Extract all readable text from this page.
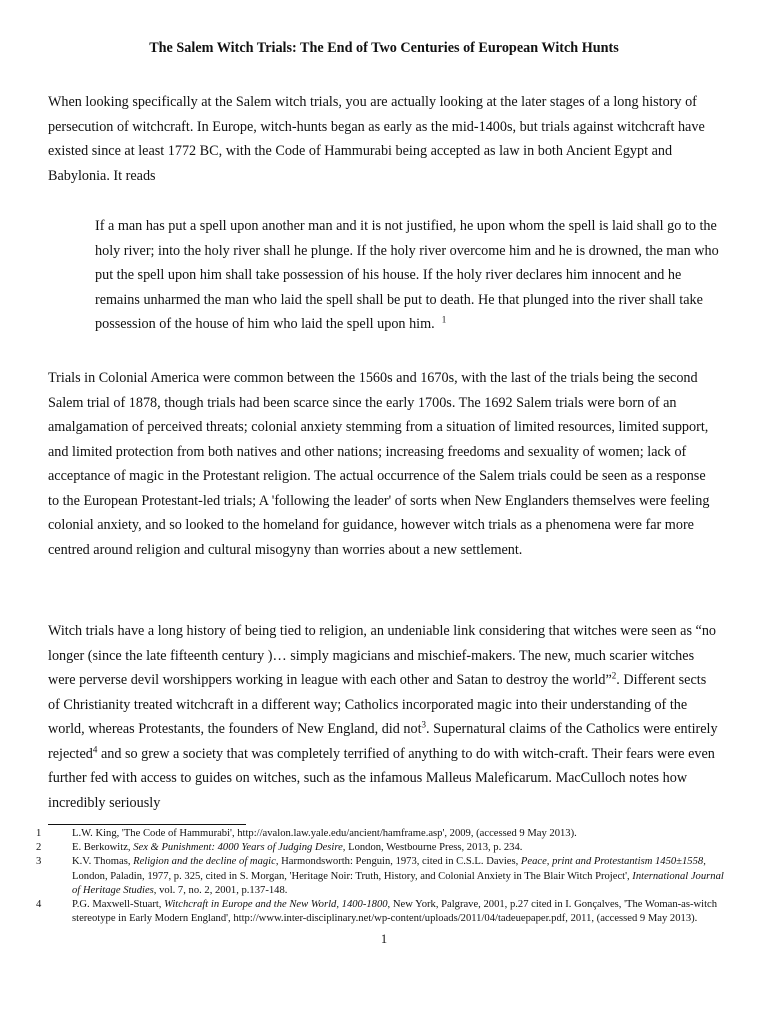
The Salem Witch Trials: The End of Two Centuries of European Witch Hunts

When looking specifically at the Salem witch trials, you are actually looking at the later stages of a long history of persecution of witchcraft. In Europe, witch-hunts began as early as the mid-1400s, but trials against witchcraft have existed since at least 1772 BC, with the Code of Hammurabi being accepted as law in both Ancient Egypt and Babylonia. It reads

If a man has put a spell upon another man and it is not justified, he upon whom the spell is laid shall go to the holy river; into the holy river shall he plunge. If the holy river overcome him and he is drowned, the man who put the spell upon him shall take possession of his house. If the holy river declares him innocent and he remains unharmed the man who laid the spell shall be put to death. He that plunged into the river shall take possession of the house of him who laid the spell upon him. $^1$

Trials in Colonial America were common between the 1560s and 1670s, with the last of the trials being the second Salem trial of 1878, though trials had been scarce since the early 1700s. The 1692 Salem trials were born of an amalgamation of perceived threats; colonial anxiety stemming from a situation of limited resources, limited support, and limited protection from both natives and other nations; increasing freedoms and sexuality of women; lack of acceptance of magic in the Protestant religion. The actual occurrence of the Salem trials could be seen as a response to the European Protestant-led trials; A 'following the leader' of sorts when New Englanders themselves were feeling colonial anxiety, and so looked to the homeland for guidance, however witch trials as a phenomena were far more centred around religion and cultural misogyny than worries about a new settlement.

Witch trials have a long history of being tied to religion, an undeniable link considering that witches were seen as “no longer (since the late fifteenth century )… simply magicians and mischief-makers. The new, much scarier witches were perverse devil worshippers working in league with each other and Satan to destroy the world”$^2$. Different sects of Christianity treated witchcraft in a different way; Catholics incorporated magic into their understanding of the world, whereas Protestants, the founders of New England, did not$^3$. Supernatural claims of the Catholics were entirely rejected$^4$ and so grew a society that was completely terrified of anything to do with witch-craft. Their fears were even further fed with access to guides on witches, such as the infamous Malleus Maleficarum. MacCulloch notes how incredibly seriously

1	L.W. King, 'The Code of Hammurabi', http://avalon.law.yale.edu/ancient/hamframe.asp', 2009, (accessed 9 May 2013).
2	E. Berkowitz, Sex & Punishment: 4000 Years of Judging Desire, London, Westbourne Press, 2013, p. 234.
3	K.V. Thomas, Religion and the decline of magic, Harmondsworth: Penguin, 1973, cited in C.S.L. Davies, Peace, print and Protestantism 1450±1558, London, Paladin, 1977, p. 325, cited in S. Morgan, 'Heritage Noir: Truth, History, and Colonial Anxiety in The Blair Witch Project', International Journal of Heritage Studies, vol. 7, no. 2, 2001, p.137-148.
4	P.G. Maxwell-Stuart, Witchcraft in Europe and the New World, 1400-1800, New York, Palgrave, 2001, p.27 cited in I. Gonçalves, 'The Woman-as-witch stereotype in Early Modern England', http://www.inter-disciplinary.net/wp-content/uploads/2011/04/tadeuepaper.pdf, 2011, (accessed 9 May 2013).
1
